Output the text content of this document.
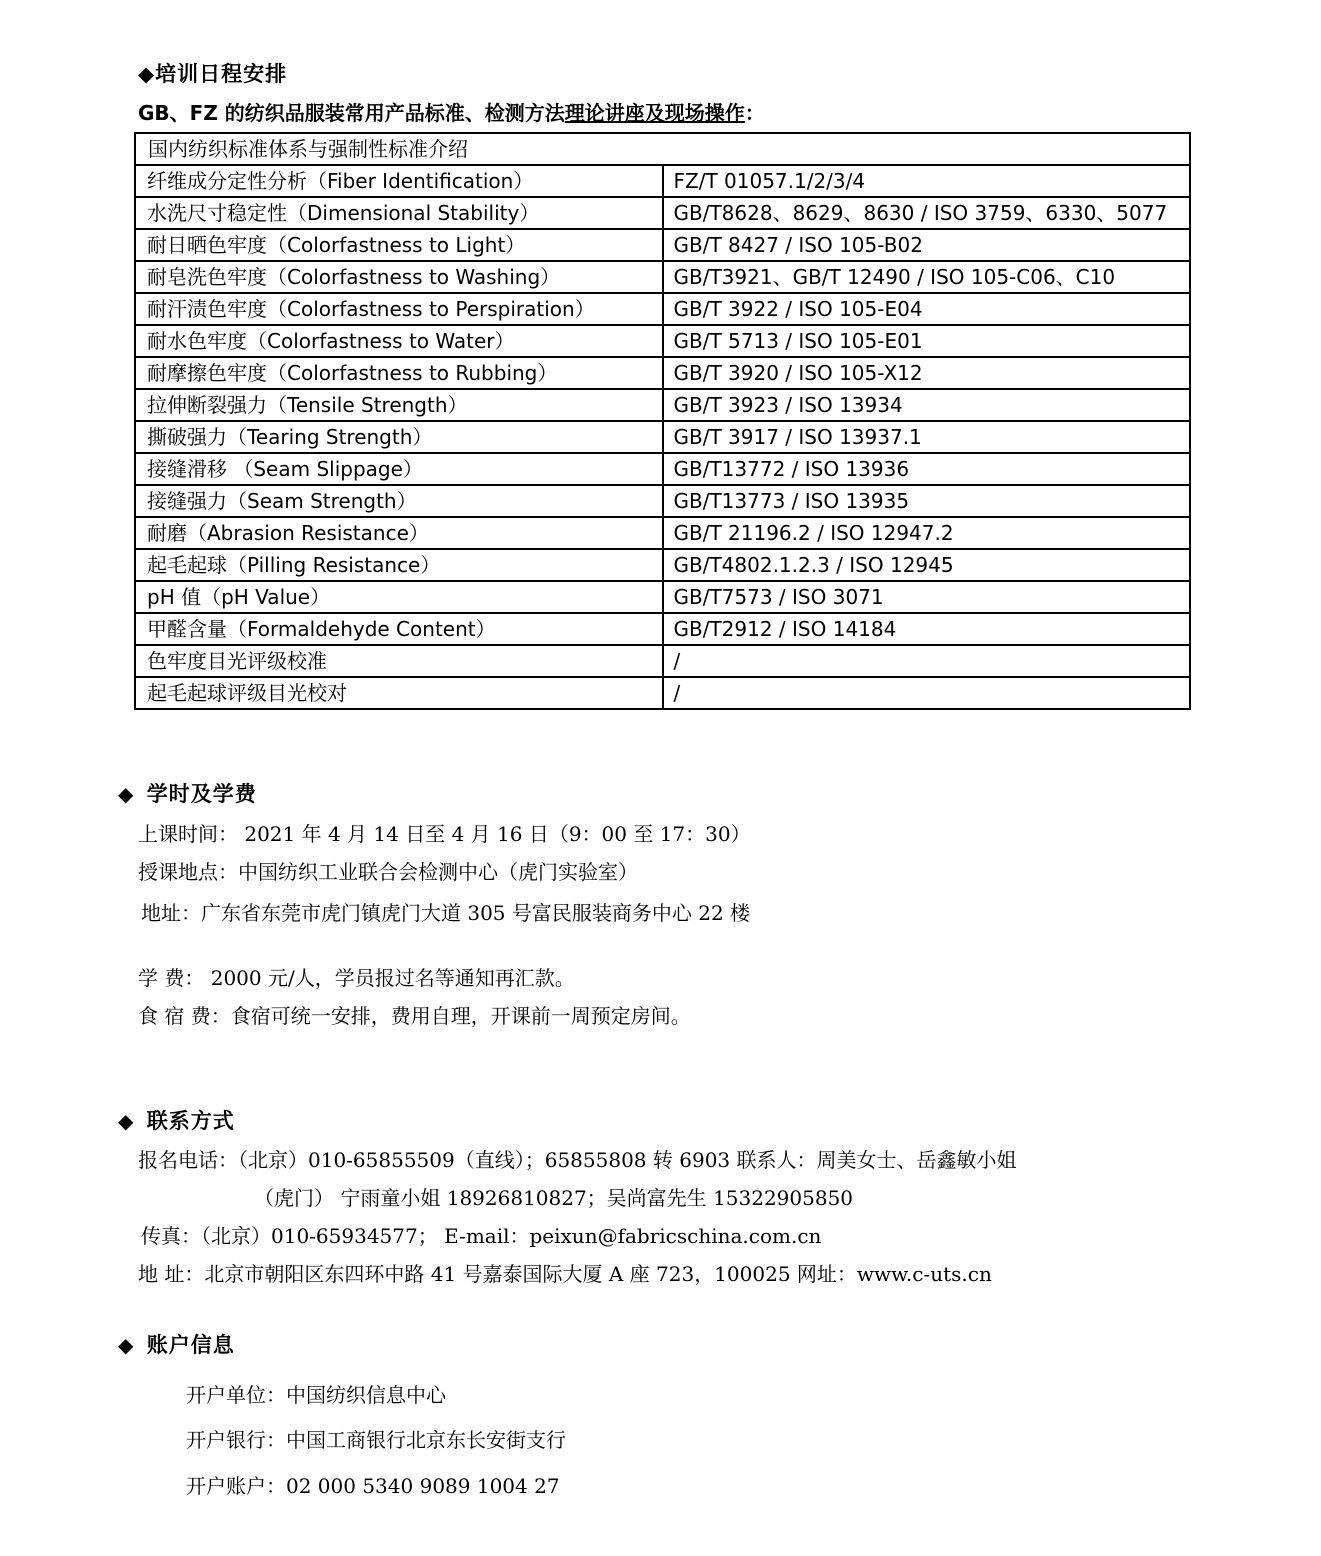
◆培训日程安排
GB、FZ 的纺织品服装常用产品标准、检测方法理论讲座及现场操作：
国内纺织标准体系与强制性标准介绍	
纤维成分定性分析（Fiber Identification）	FZ/T 01057.1/2/3/4
水洗尺寸稳定性（Dimensional Stability）	GB/T8628、8629、8630 / ISO 3759、6330、5077
耐日晒色牢度（Colorfastness to Light）	GB/T 8427 / ISO 105-B02
耐皂洗色牢度（Colorfastness to Washing）	GB/T3921、GB/T 12490 / ISO 105-C06、C10
耐汗渍色牢度（Colorfastness to Perspiration）	GB/T 3922 / ISO 105-E04
耐水色牢度（Colorfastness to Water）	GB/T 5713 / ISO 105-E01
耐摩擦色牢度（Colorfastness to Rubbing）	GB/T 3920 / ISO 105-X12
拉伸断裂强力（Tensile Strength）	GB/T 3923 / ISO 13934
撕破强力（Tearing Strength）	GB/T 3917 / ISO 13937.1
接缝滑移 （Seam Slippage）	GB/T13772 / ISO 13936
接缝强力（Seam Strength）	GB/T13773 / ISO 13935
耐磨（Abrasion Resistance）	GB/T 21196.2 / ISO 12947.2
起毛起球（Pilling Resistance）	GB/T4802.1.2.3 / ISO 12945
pH 值（pH Value）	GB/T7573 / ISO 3071
甲醛含量（Formaldehyde Content）	GB/T2912 / ISO 14184
色牢度目光评级校准	/
起毛起球评级目光校对	/
◆ 学时及学费
上课时间： 2021 年 4 月 14 日至 4 月 16 日（9：00 至 17：30）
授课地点：中国纺织工业联合会检测中心（虎门实验室）
地址：广东省东莞市虎门镇虎门大道 305 号富民服装商务中心 22 楼
学 费： 2000 元/人，学员报过名等通知再汇款。
食 宿 费：食宿可统一安排，费用自理，开课前一周预定房间。
◆ 联系方式
报名电话：（北京）010-65855509（直线）；65855808 转 6903 联系人：周美女士、岳鑫敏小姐
（虎门） 宁雨童小姐 18926810827；吴尚富先生 15322905850
传真：（北京）010-65934577； E-mail：peixun@fabricschina.com.cn
地 址：北京市朝阳区东四环中路 41 号嘉泰国际大厦 A 座 723，100025 网址：www.c-uts.cn
◆ 账户信息
开户单位：中国纺织信息中心
开户银行：中国工商银行北京东长安街支行
开户账户：02 000 5340 9089 1004 27
